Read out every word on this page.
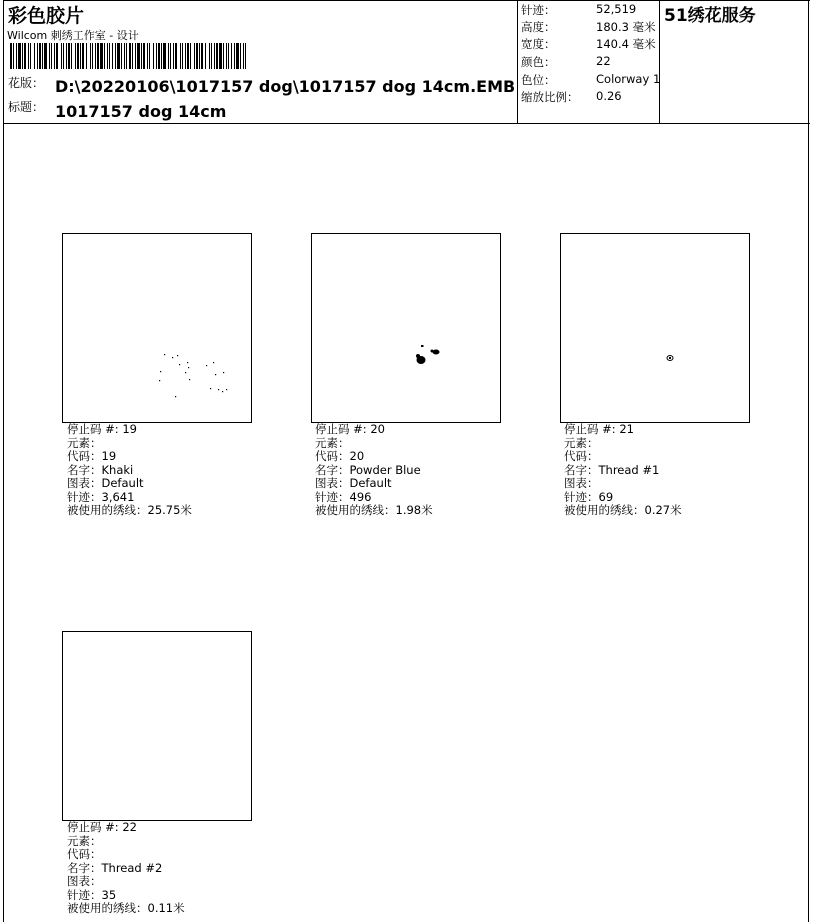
彩色胶片
Wilcom 刺绣工作室 - 设计
花版： D:\20220106\1017157 dog\1017157 dog 14cm.EMB
标题： 1017157 dog 14cm
针迹：	52,519
高度：	180.3 毫米
宽度：	140.4 毫米
颜色：	22
色位：	Colorway 1
缩放比例： 0.26
51绣花服务
停止码 #: 19
元素：
代码：19
名字：Khaki
图表：Default
针迹：3,641
被使用的绣线：25.75米
停止码 #: 20
元素：
代码：20
名字：Powder Blue
图表：Default
针迹：496
被使用的绣线：1.98米
停止码 #: 21
元素：
代码：
名字：Thread #1
图表：
针迹：69
被使用的绣线：0.27米
停止码 #: 22
元素：
代码：
名字：Thread #2
图表：
针迹：35
被使用的绣线：0.11米
